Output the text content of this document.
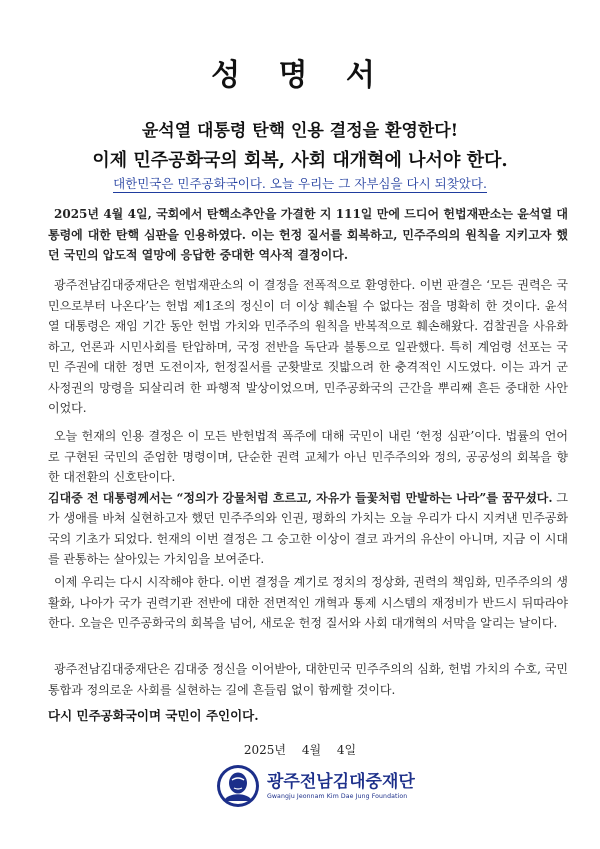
성 명 서
윤석열 대통령 탄핵 인용 결정을 환영한다!
이제 민주공화국의 회복, 사회 대개혁에 나서야 한다.
대한민국은 민주공화국이다. 오늘 우리는 그 자부심을 다시 되찾았다.
2025년 4월 4일, 국회에서 탄핵소추안을 가결한 지 111일 만에 드디어 헌법재판소는 윤석열 대통령에 대한 탄핵 심판을 인용하였다. 이는 헌정 질서를 회복하고, 민주주의의 원칙을 지키고자 했던 국민의 압도적 열망에 응답한 중대한 역사적 결정이다.
광주전남김대중재단은 헌법재판소의 이 결정을 전폭적으로 환영한다. 이번 판결은 ‘모든 권력은 국민으로부터 나온다’는 헌법 제1조의 정신이 더 이상 훼손될 수 없다는 점을 명확히 한 것이다. 윤석열 대통령은 재임 기간 동안 헌법 가치와 민주주의 원칙을 반복적으로 훼손해왔다. 검찰권을 사유화하고, 언론과 시민사회를 탄압하며, 국정 전반을 독단과 불통으로 일관했다. 특히 계엄령 선포는 국민 주권에 대한 정면 도전이자, 헌정질서를 군홧발로 짓밟으려 한 충격적인 시도였다. 이는 과거 군사정권의 망령을 되살리려 한 파행적 발상이었으며, 민주공화국의 근간을 뿌리째 흔든 중대한 사안이었다.
오늘 헌재의 인용 결정은 이 모든 반헌법적 폭주에 대해 국민이 내린 ‘헌정 심판’이다. 법률의 언어로 구현된 국민의 준엄한 명령이며, 단순한 권력 교체가 아닌 민주주의와 정의, 공공성의 회복을 향한 대전환의 신호탄이다.
김대중 전 대통령께서는 “정의가 강물처럼 흐르고, 자유가 들꽃처럼 만발하는 나라”를 꿈꾸셨다. 그가 생애를 바쳐 실현하고자 했던 민주주의와 인권, 평화의 가치는 오늘 우리가 다시 지켜낸 민주공화국의 기초가 되었다. 헌재의 이번 결정은 그 숭고한 이상이 결코 과거의 유산이 아니며, 지금 이 시대를 관통하는 살아있는 가치임을 보여준다.
이제 우리는 다시 시작해야 한다. 이번 결정을 계기로 정치의 정상화, 권력의 책임화, 민주주의의 생활화, 나아가 국가 권력기관 전반에 대한 전면적인 개혁과 통제 시스템의 재정비가 반드시 뒤따라야 한다. 오늘은 민주공화국의 회복을 넘어, 새로운 헌정 질서와 사회 대개혁의 서막을 알리는 날이다.
광주전남김대중재단은 김대중 정신을 이어받아, 대한민국 민주주의의 심화, 헌법 가치의 수호, 국민 통합과 정의로운 사회를 실현하는 길에 흔들림 없이 함께할 것이다.
다시 민주공화국이며 국민이 주인이다.
2025년 4월 4일
광주전남김대중재단
Gwangju Jeonnam Kim Dae Jung Foundation
